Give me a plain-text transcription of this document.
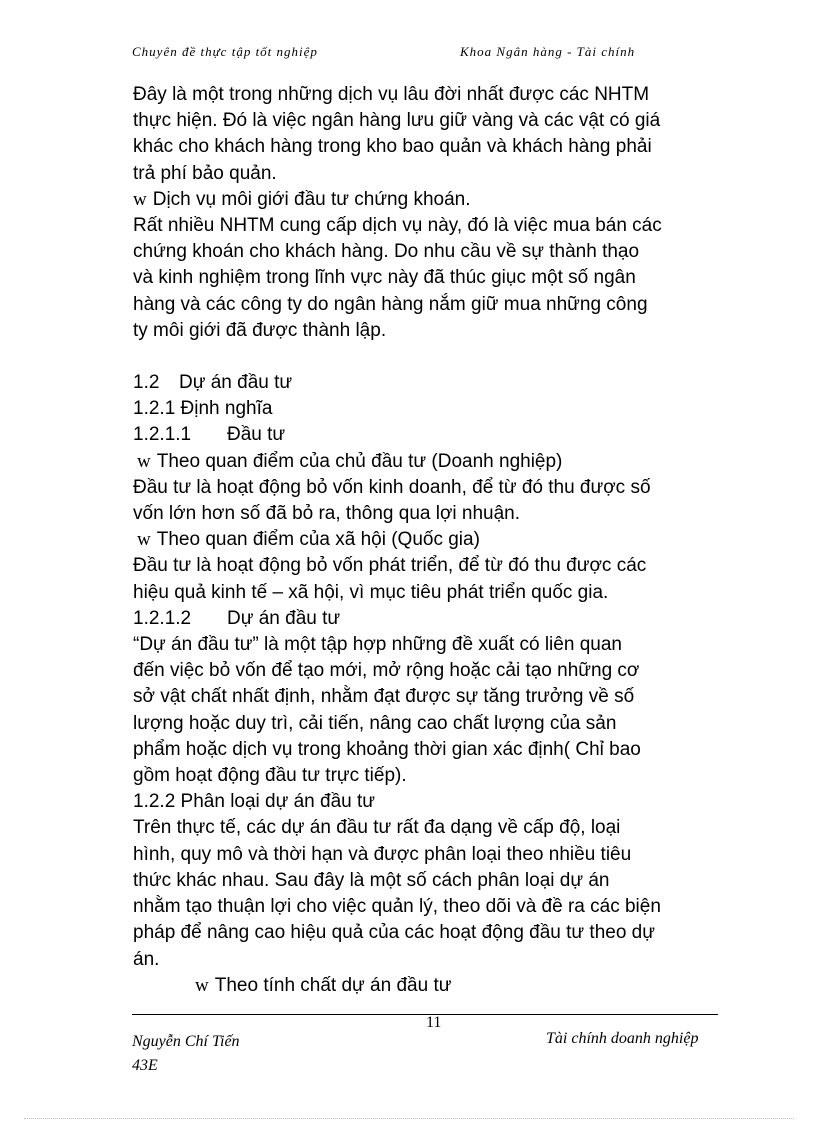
Chuyên đề thực tập tốt nghiệp	Khoa Ngân hàng - Tài chính

Đây là một trong những dịch vụ lâu đời nhất được các NHTM

thực hiện. Đó là việc ngân hàng lưu giữ vàng và các vật có giá

khác cho khách hàng trong kho bao quản và khách hàng phải

trả phí bảo quản.

w Dịch vụ môi giới đầu tư chứng khoán.

Rất nhiều NHTM cung cấp dịch vụ này, đó là việc mua bán các

chứng khoán cho khách hàng. Do nhu cầu về sự thành thạo

và kinh nghiệm trong lĩnh vực này đã thúc giục một số ngân

hàng và các công ty do ngân hàng nắm giữ mua những công

ty môi giới đã được thành lập.

1.2 Dự án đầu tư

1.2.1 Định nghĩa

1.2.1.1 Đầu tư

w Theo quan điểm của chủ đầu tư (Doanh nghiệp)

Đầu tư là hoạt động bỏ vốn kinh doanh, để từ đó thu được số

vốn lớn hơn số đã bỏ ra, thông qua lợi nhuận.

w Theo quan điểm của xã hội (Quốc gia)

Đầu tư là hoạt động bỏ vốn phát triển, để từ đó thu được các

hiệu quả kinh tế – xã hội, vì mục tiêu phát triển quốc gia.

1.2.1.2 Dự án đầu tư

“Dự án đầu tư” là một tập hợp những đề xuất có liên quan

đến việc bỏ vốn để tạo mới, mở rộng hoặc cải tạo những cơ

sở vật chất nhất định, nhằm đạt được sự tăng trưởng về số

lượng hoặc duy trì, cải tiến, nâng cao chất lượng của sản

phẩm hoặc dịch vụ trong khoảng thời gian xác định( Chỉ bao

gồm hoạt động đầu tư trực tiếp).

1.2.2 Phân loại dự án đầu tư

Trên thực tế, các dự án đầu tư rất đa dạng về cấp độ, loại

hình, quy mô và thời hạn và được phân loại theo nhiều tiêu

thức khác nhau. Sau đây là một số cách phân loại dự án

nhằm tạo thuận lợi cho việc quản lý, theo dõi và đề ra các biện

pháp để nâng cao hiệu quả của các hoạt động đầu tư theo dự

án.

w Theo tính chất dự án đầu tư

11
Nguyễn Chí Tiến
43E
Tài chính doanh nghiệp
